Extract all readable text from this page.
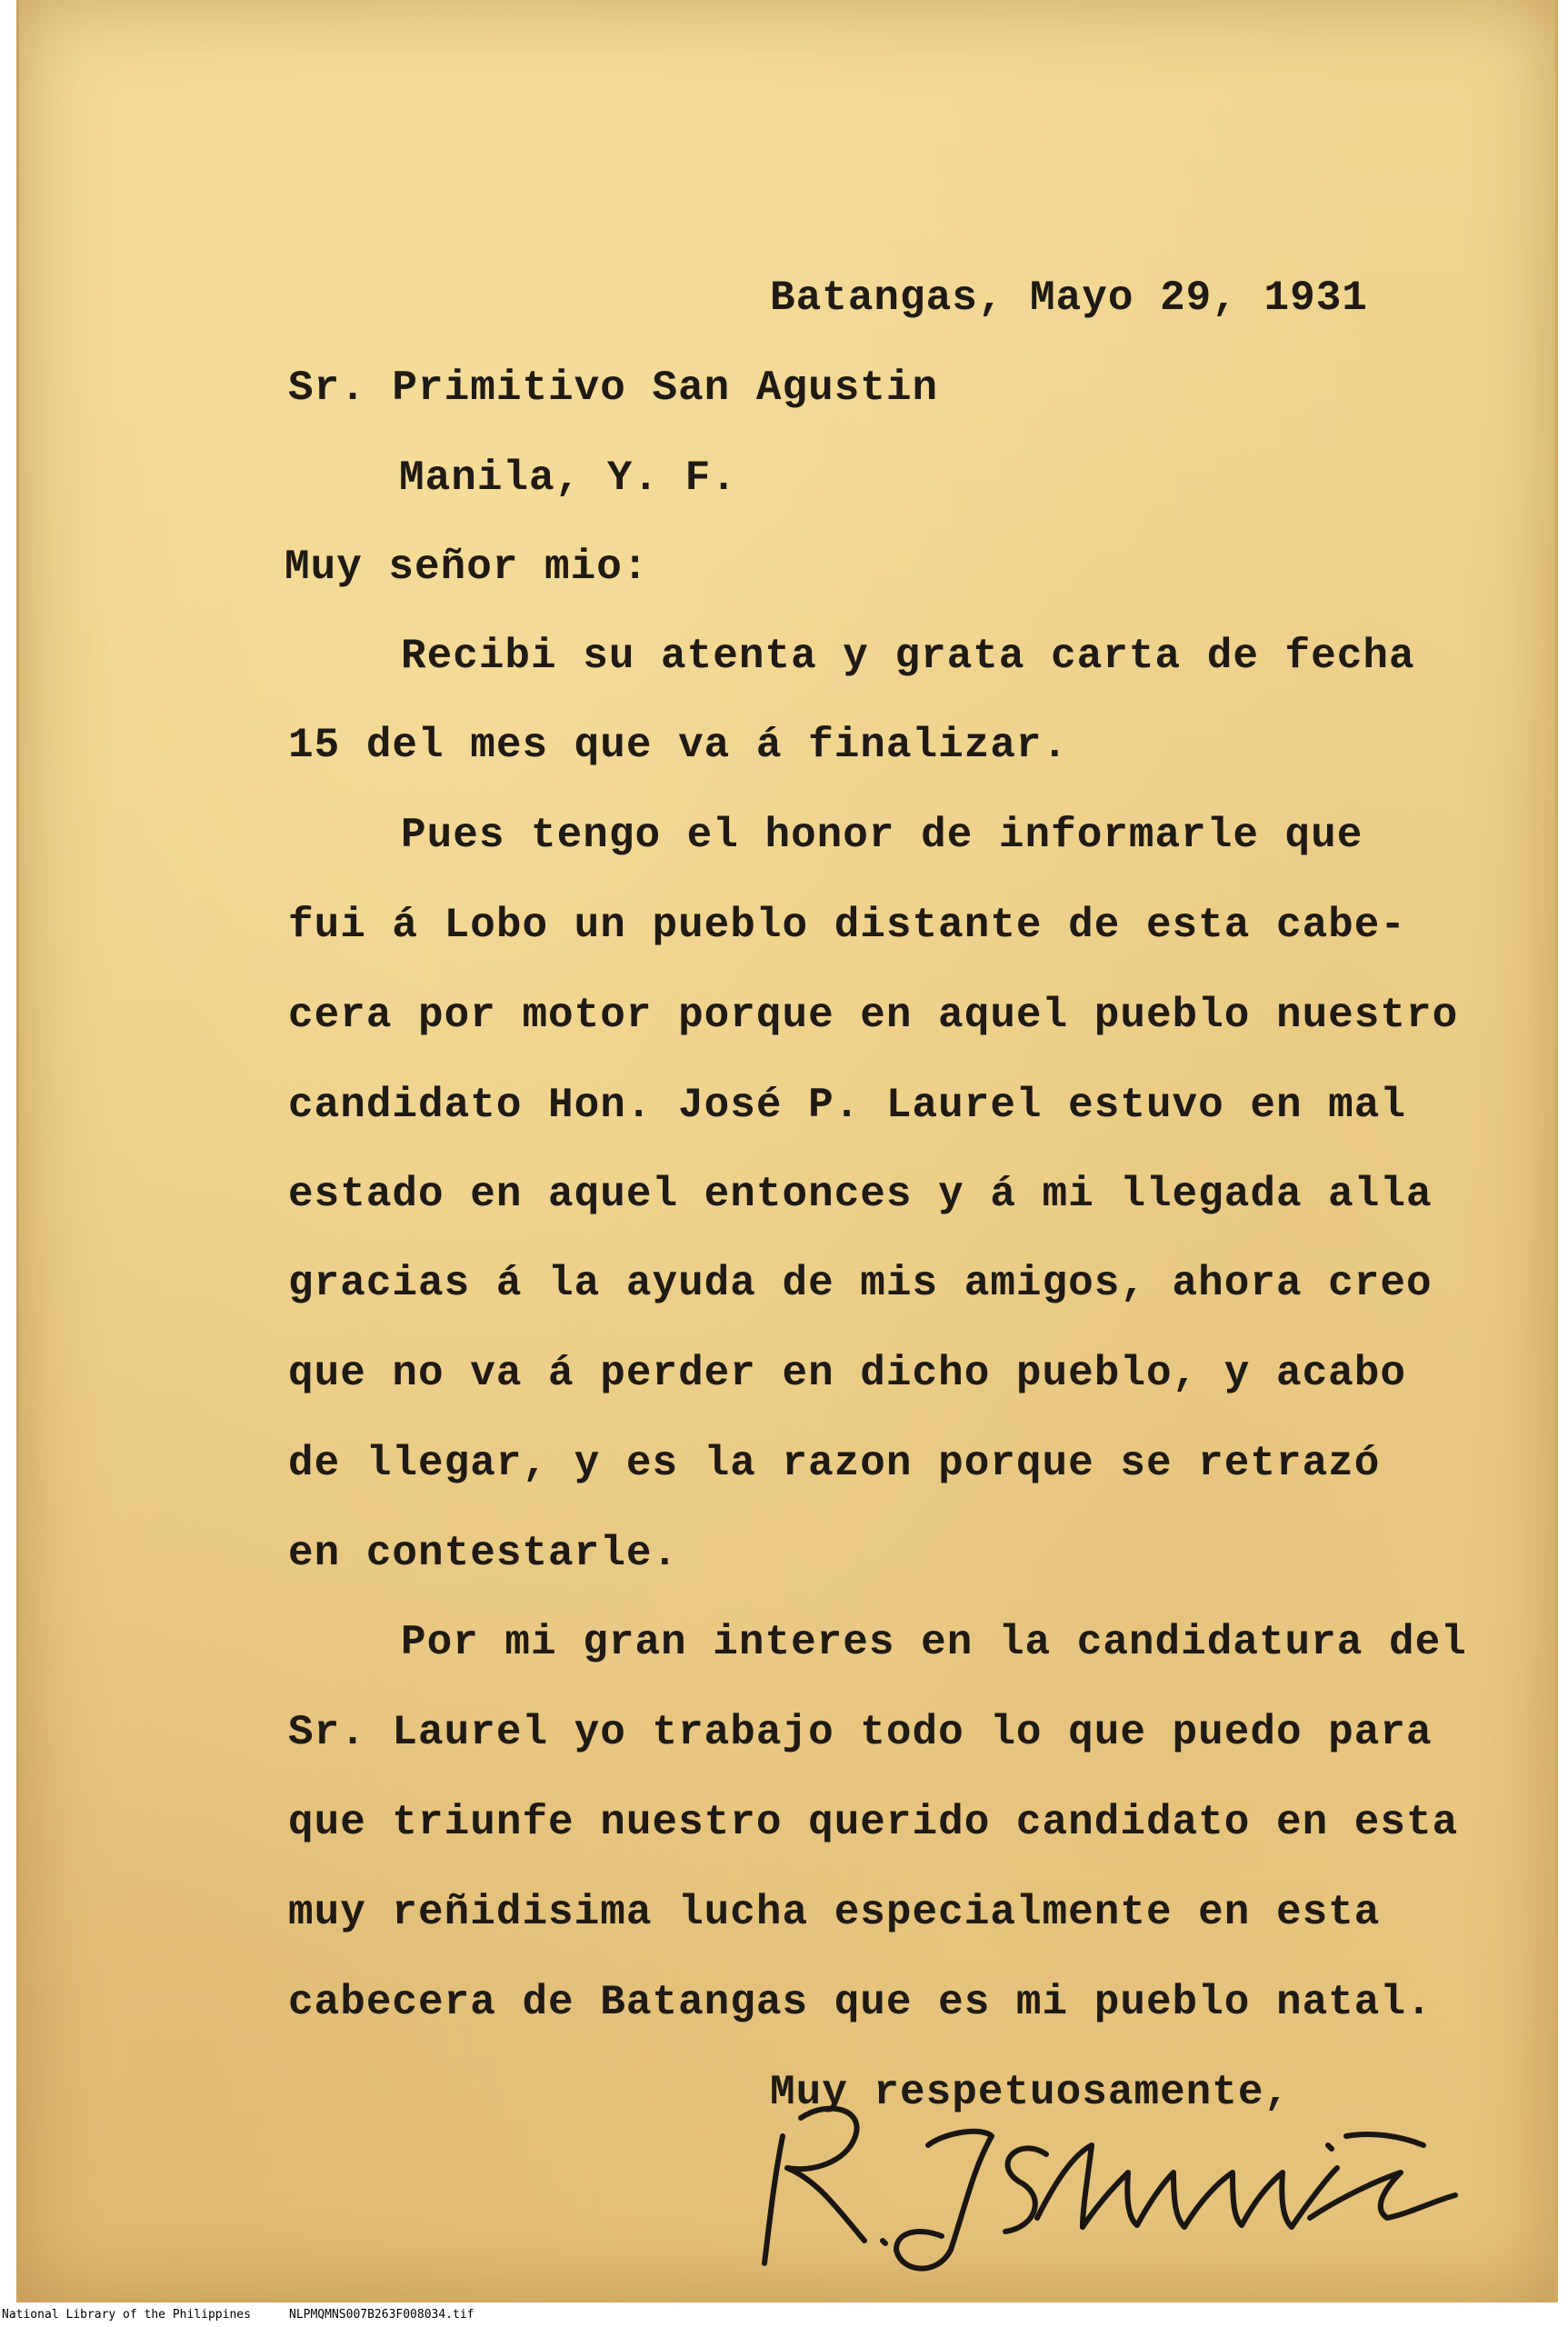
Batangas, Mayo 29, 1931

Sr. Primitivo San Agustin

Manila, Y. F.

Muy señor mio:

Recibi su atenta y grata carta de fecha

15 del mes que va á finalizar.

Pues tengo el honor de informarle que

fui á Lobo un pueblo distante de esta cabe-

cera por motor porque en aquel pueblo nuestro

candidato Hon. José P. Laurel estuvo en mal

estado en aquel entonces y á mi llegada alla

gracias á la ayuda de mis amigos, ahora creo

que no va á perder en dicho pueblo, y acabo

de llegar, y es la razon porque se retrazó

en contestarle.

Por mi gran interes en la candidatura del

Sr. Laurel yo trabajo todo lo que puedo para

que triunfe nuestro querido candidato en esta

muy reñidisima lucha especialmente en esta

cabecera de Batangas que es mi pueblo natal.

Muy respetuosamente,

National Library of the Philippines	NLPMQMNS007B263F008034.tif
